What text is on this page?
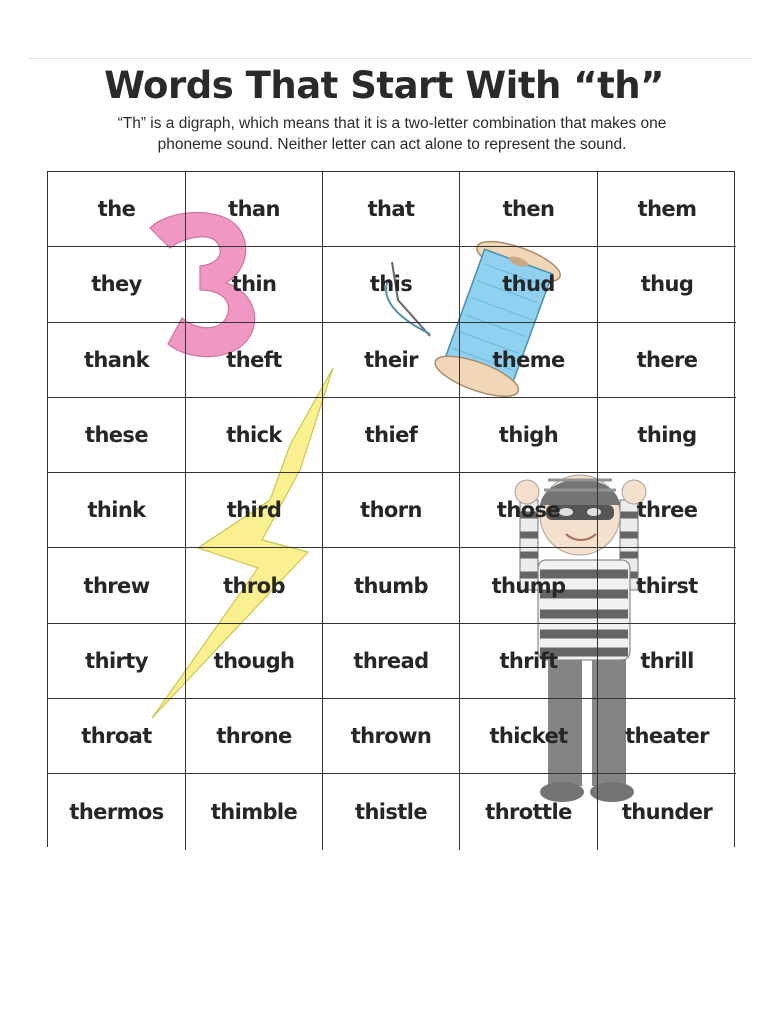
Words That Start With “th”
“Th” is a digraph, which means that it is a two-letter combination that makes one
phoneme sound. Neither letter can act alone to represent the sound.
the	than	that	then	them
they	thin	this	thud	thug
thank	theft	their	theme	there
these	thick	thief	thigh	thing
think	third	thorn	those	three
threw	throb	thumb	thump	thirst
thirty	though	thread	thrift	thrill
throat	throne	thrown	thicket	theater
thermos	thimble	thistle	throttle	thunder
